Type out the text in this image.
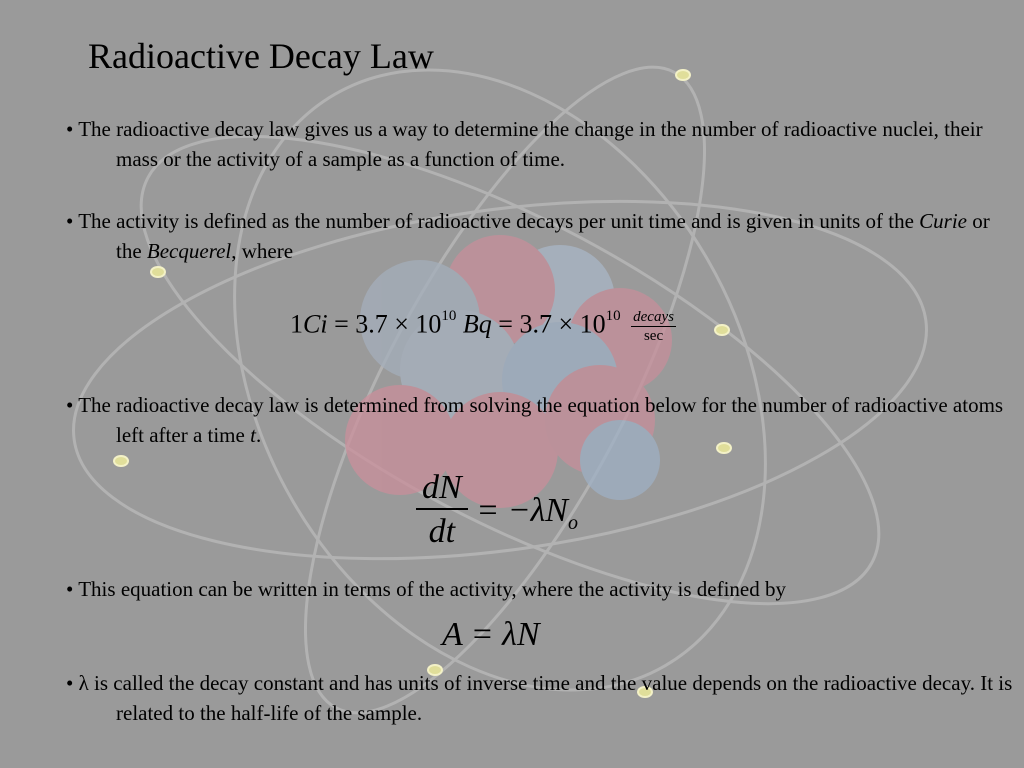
Radioactive Decay Law
• The radioactive decay law gives us a way to determine the change in the number of radioactive nuclei, their mass or the activity of a sample as a function of time.
• The activity is defined as the number of radioactive decays per unit time and is given in units of the Curie or the Becquerel, where
$1Ci = 3.7 \times 10^{10}$ $Bq = 3.7 \times 10^{10} \frac{\text{decays}}{\sec}$
• The radioactive decay law is determined from solving the equation below for the number of radioactive atoms left after a time t.
$\frac{dN}{dt} = -\lambda N_o$
• This equation can be written in terms of the activity, where the activity is defined by
A = λN
• λ is called the decay constant and has units of inverse time and the value depends on the radioactive decay. It is related to the half-life of the sample.
